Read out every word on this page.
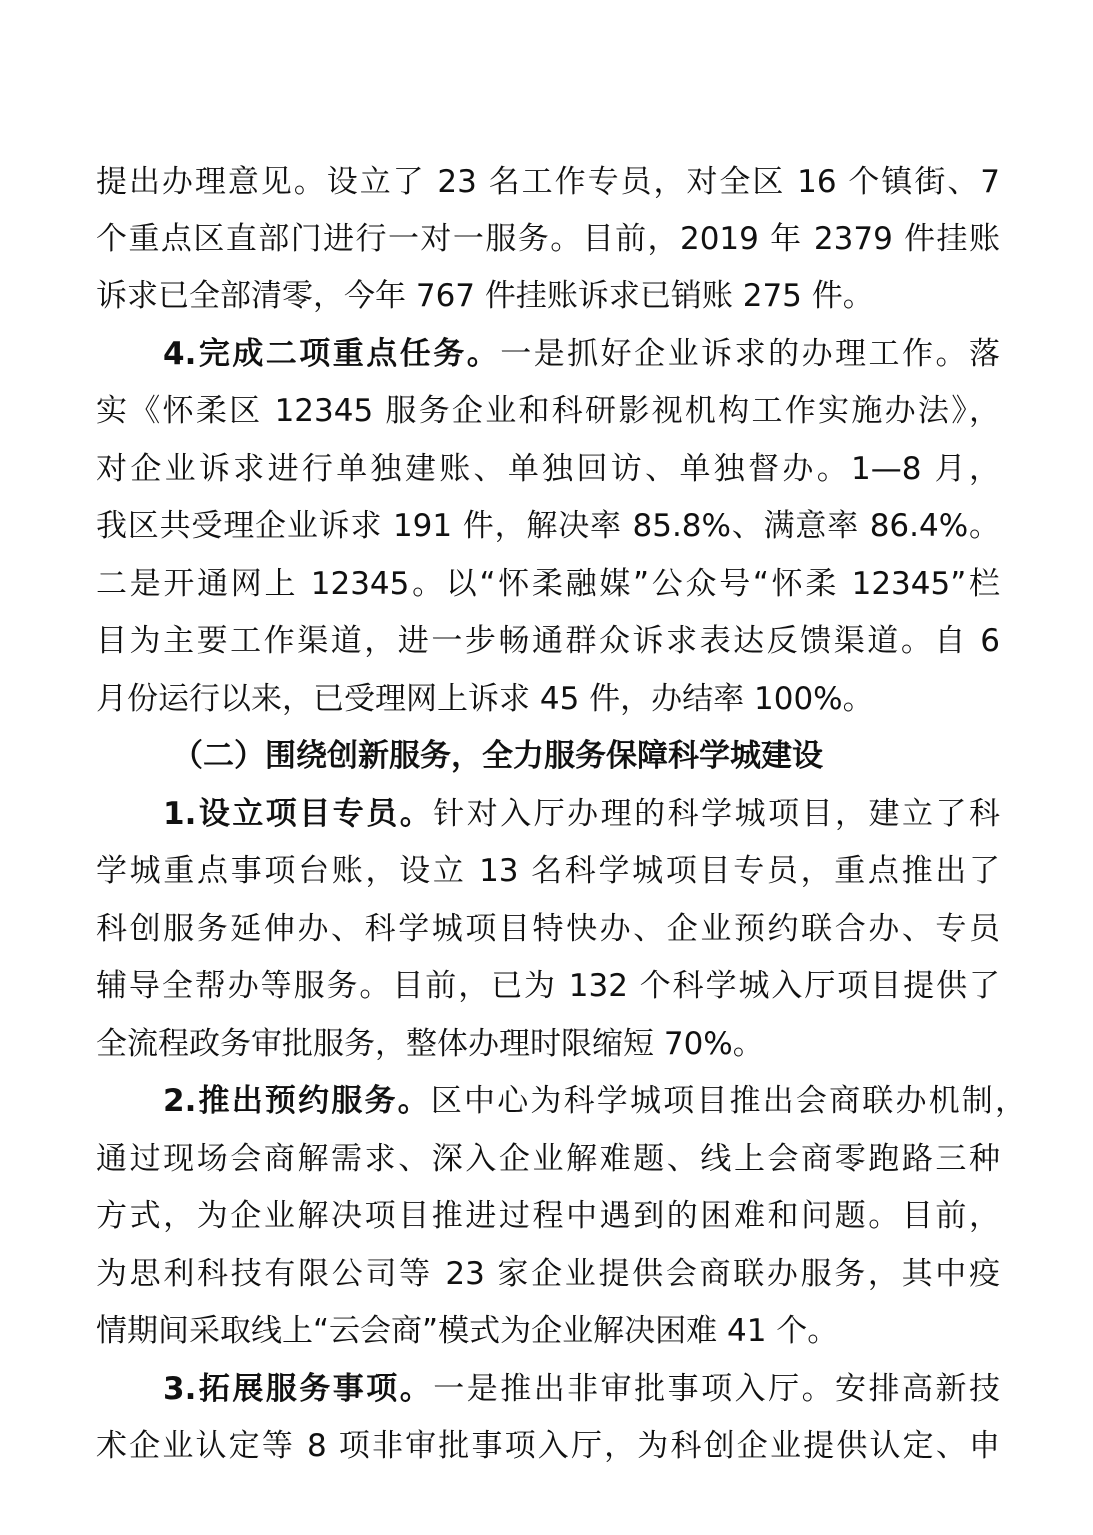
提出办理意见。设立了 23 名工作专员，对全区 16 个镇街、7
个重点区直部门进行一对一服务。目前，2019 年 2379 件挂账
诉求已全部清零，今年 767 件挂账诉求已销账 275 件。
4.完成二项重点任务。一是抓好企业诉求的办理工作。落
实《怀柔区 12345 服务企业和科研影视机构工作实施办法》，
对企业诉求进行单独建账、单独回访、单独督办。1—8 月，
我区共受理企业诉求 191 件，解决率 85.8%、满意率 86.4%。
二是开通网上 12345。以“怀柔融媒”公众号“怀柔 12345”栏
目为主要工作渠道，进一步畅通群众诉求表达反馈渠道。自 6
月份运行以来，已受理网上诉求 45 件，办结率 100%。
（二）围绕创新服务，全力服务保障科学城建设
1.设立项目专员。针对入厅办理的科学城项目，建立了科
学城重点事项台账，设立 13 名科学城项目专员，重点推出了
科创服务延伸办、科学城项目特快办、企业预约联合办、专员
辅导全帮办等服务。目前，已为 132 个科学城入厅项目提供了
全流程政务审批服务，整体办理时限缩短 70%。
2.推出预约服务。区中心为科学城项目推出会商联办机制，
通过现场会商解需求、深入企业解难题、线上会商零跑路三种
方式，为企业解决项目推进过程中遇到的困难和问题。目前，
为思利科技有限公司等 23 家企业提供会商联办服务，其中疫
情期间采取线上“云会商”模式为企业解决困难 41 个。
3.拓展服务事项。一是推出非审批事项入厅。安排高新技
术企业认定等 8 项非审批事项入厅，为科创企业提供认定、申
